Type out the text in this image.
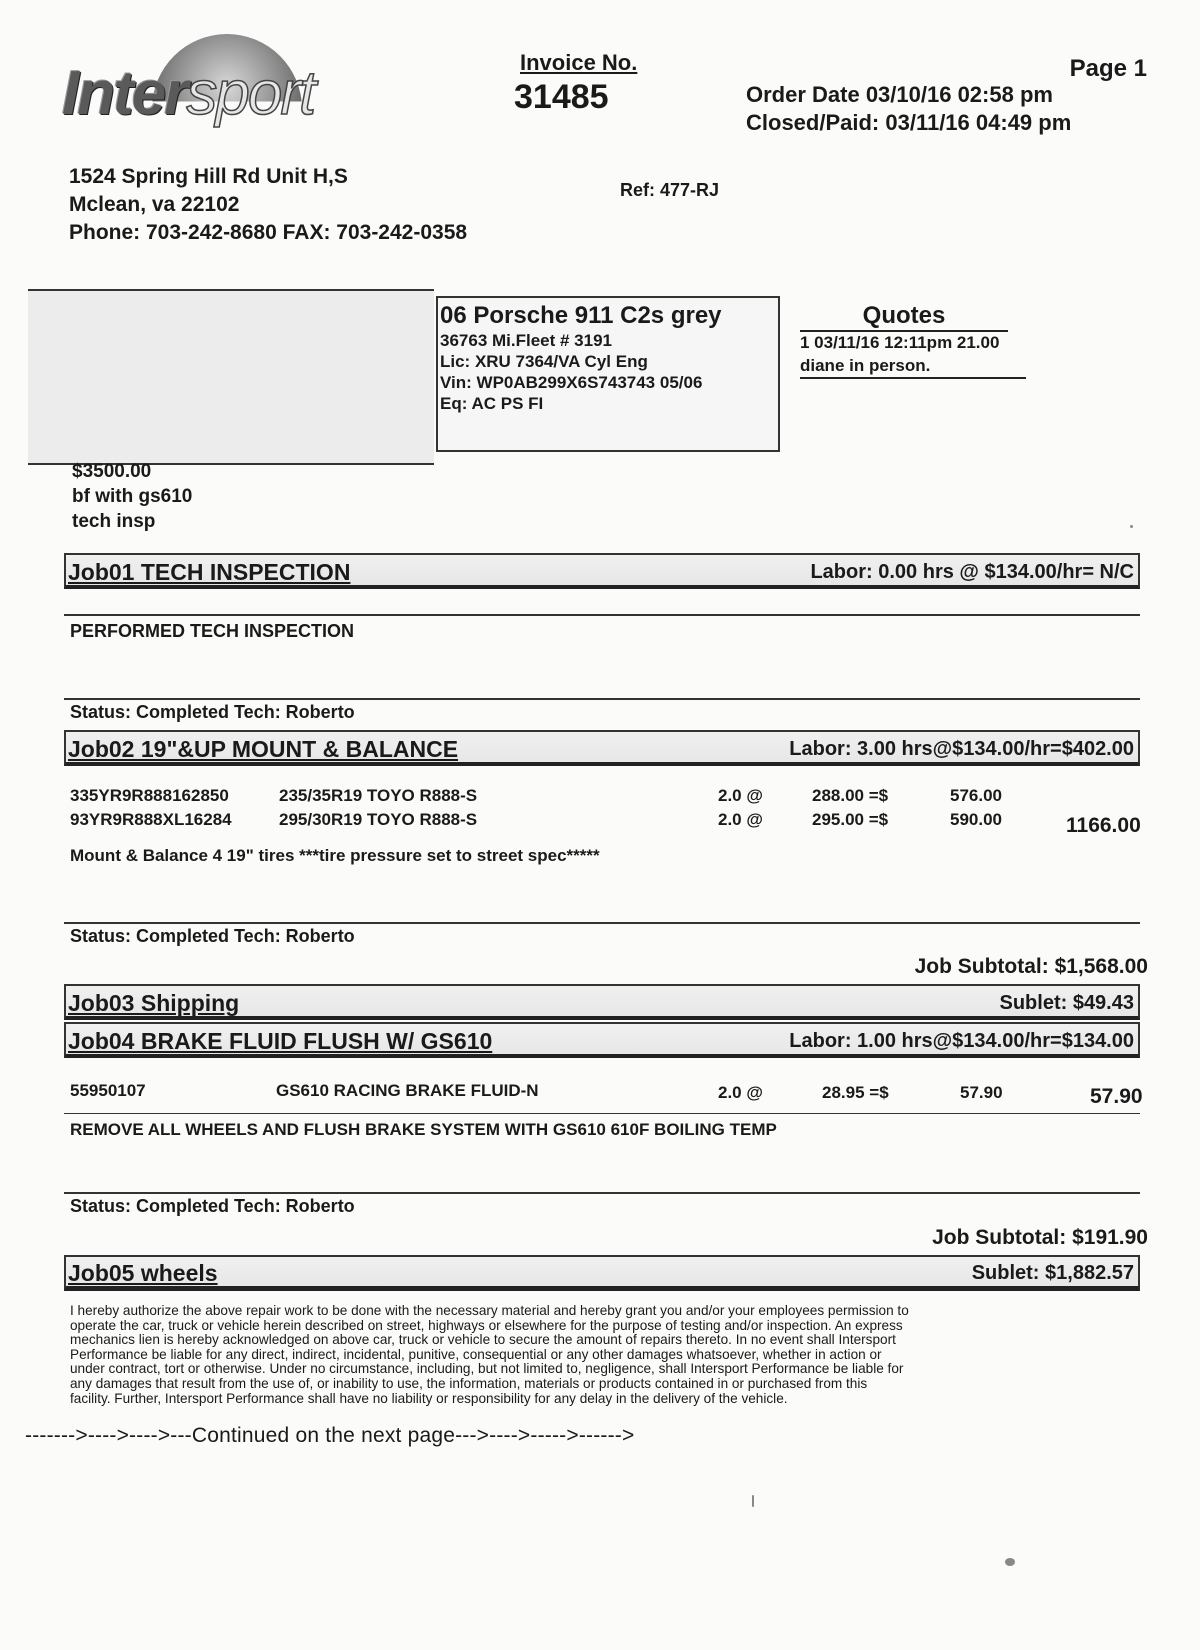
Intersport	Invoice No.
31485
Page 1
Order Date 03/10/16 02:58 pm
Closed/Paid: 03/11/16 04:49 pm
1524 Spring Hill Rd Unit H,S
Mclean, va 22102
Phone: 703-242-8680 FAX: 703-242-0358
Ref: 477-RJ
06 Porsche 911 C2s grey
36763 Mi.Fleet # 3191
Lic: XRU 7364/VA Cyl Eng
Vin: WP0AB299X6S743743 05/06
Eq: AC PS FI
Quotes
1 03/11/16 12:11pm 21.00
diane in person.
$3500.00
bf with gs610
tech insp
Job01 TECH INSPECTION	Labor: 0.00 hrs @ $134.00/hr= N/C
PERFORMED TECH INSPECTION
Status: Completed Tech: Roberto
Job02 19"&UP MOUNT & BALANCE	Labor: 3.00 hrs@$134.00/hr=$402.00
335YR9R888162850	235/35R19 TOYO R888-S	2.0 @	288.00 =$	576.00
93YR9R888XL16284	295/30R19 TOYO R888-S	2.0 @	295.00 =$	590.00	1166.00
Mount & Balance 4 19" tires ***tire pressure set to street spec*****
Status: Completed Tech: Roberto
Job Subtotal: $1,568.00
Job03 Shipping	Sublet: $49.43
Job04 BRAKE FLUID FLUSH W/ GS610	Labor: 1.00 hrs@$134.00/hr=$134.00
55950107	GS610 RACING BRAKE FLUID-N	2.0 @	28.95 =$	57.90	57.90
REMOVE ALL WHEELS AND FLUSH BRAKE SYSTEM WITH GS610 610F BOILING TEMP
Status: Completed Tech: Roberto
Job Subtotal: $191.90
Job05 wheels	Sublet: $1,882.57
I hereby authorize the above repair work to be done with the necessary material and hereby grant you and/or your employees permission to
operate the car, truck or vehicle herein described on street, highways or elsewhere for the purpose of testing and/or inspection. An express
mechanics lien is hereby acknowledged on above car, truck or vehicle to secure the amount of repairs thereto. In no event shall Intersport
Performance be liable for any direct, indirect, incidental, punitive, consequential or any other damages whatsoever, whether in action or
under contract, tort or otherwise. Under no circumstance, including, but not limited to, negligence, shall Intersport Performance be liable for
any damages that result from the use of, or inability to use, the information, materials or products contained in or purchased from this
facility. Further, Intersport Performance shall have no liability or responsibility for any delay in the delivery of the vehicle.
------->---->---->---Continued on the next page--->---->----->------>
